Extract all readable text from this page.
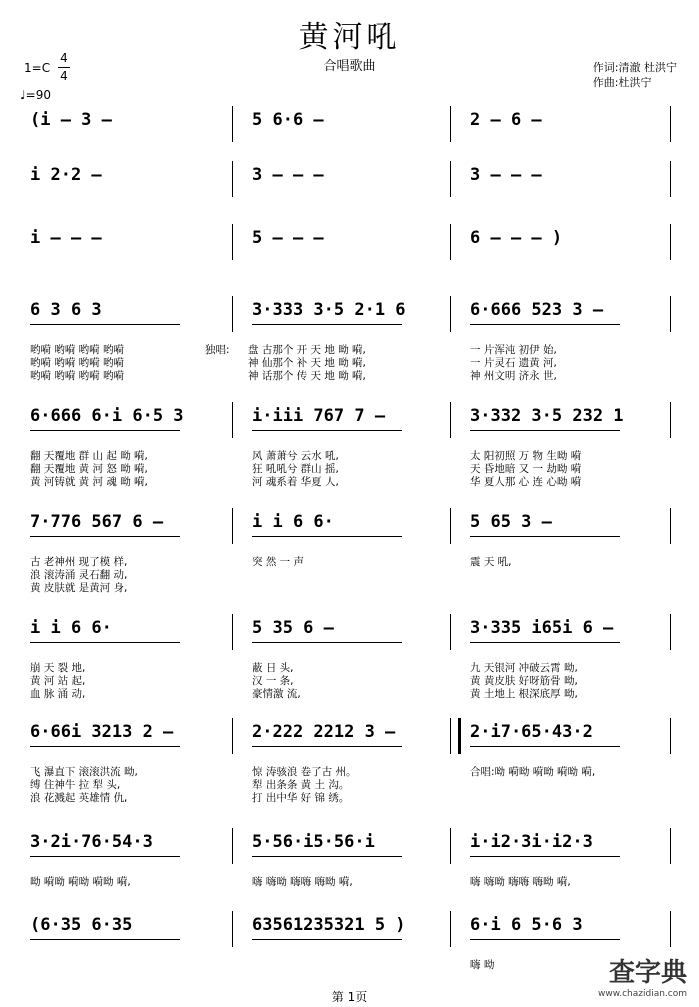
黄河吼
合唱歌曲	作词:清澈 杜洪宁
作曲:杜洪宁
1=C
4
4
♩=90
(i – 3 –	5 6·6 –	2 – 6 –
i 2·2 –	3 – – –	3 – – –
i – – –	5 – – –	6 – – – )
6 3 6 3	3·333 3·5 2·1 6	6·666 523 3 –
哟嗬 哟嗬 哟嗬 哟嗬	独唱: 盘 古那个 开 天 地 呦 嗬,	一 片浑沌 初伊 始,
哟嗬 哟嗬 哟嗬 哟嗬	神 仙那个 补 天 地 呦 嗬,	一 片灵石 遗黄 河,
哟嗬 哟嗬 哟嗬 哟嗬	神 话那个 传 天 地 呦 嗬,	神 州文明 济永 世,
6·666 6·i 6·5 3	i·iii 767 7 –	3·332 3·5 232 1
翻 天覆地 群 山 起 呦 嗬,	风 萧萧兮 云水 吼,	太 阳初照 万 物 生呦 嗬
翻 天覆地 黄 河 怒 呦 嗬,	狂 吼吼兮 群山 摇,	天 昏地暗 又 一 劫呦 嗬
黄 河铸就 黄 河 魂 呦 嗬,	河 魂系着 华夏 人,	华 夏人那 心 连 心呦 嗬
7·776 567 6 –	i i 6 6·	5 65 3 –
古 老神州 现了模 样,	突 然 一 声	震 天 吼,
浪 滚涛涌 灵石翻 动,
黄 皮肤就 是黄河 身,
i i 6 6·	5 35 6 –	3·335 i65i 6 –
崩 天 裂 地,	蔽 日 头,	九 天银河 冲破云霄 呦,
黄 河 站 起,	汉 一 条,	黄 黄皮肤 好呀筋骨 呦,
血 脉 涌 动,	豪情激 流,	黄 土地上 根深底厚 呦,
6·66i 3213 2 –	2·222 2212 3 –	2·i7·65·43·2
飞 瀑直下 滚滚洪流 呦,	惊 涛骇浪 卷了古 州。	合唱:呦 嗬呦 嗬呦 嗬呦 嗬,
缚 住神牛 拉 犁 头,	犁 出条条 黄 土 沟。
浪 花溅起 英雄情 仇,	打 出中华 好 锦 绣。
3·2i·76·54·3	5·56·i5·56·i	i·i2·3i·i2·3
呦 嗬呦 嗬呦 嗬呦 嗬,	嗨 嗨呦 嗨嗨 嗨呦 嗬,	嗨 嗨呦 嗨嗨 嗨呦 嗬,
(6·35 6·35	63561235321 5 )	6·i 6 5·6 3
嗨 呦
第 1页
查字典
www.chazidian.com
